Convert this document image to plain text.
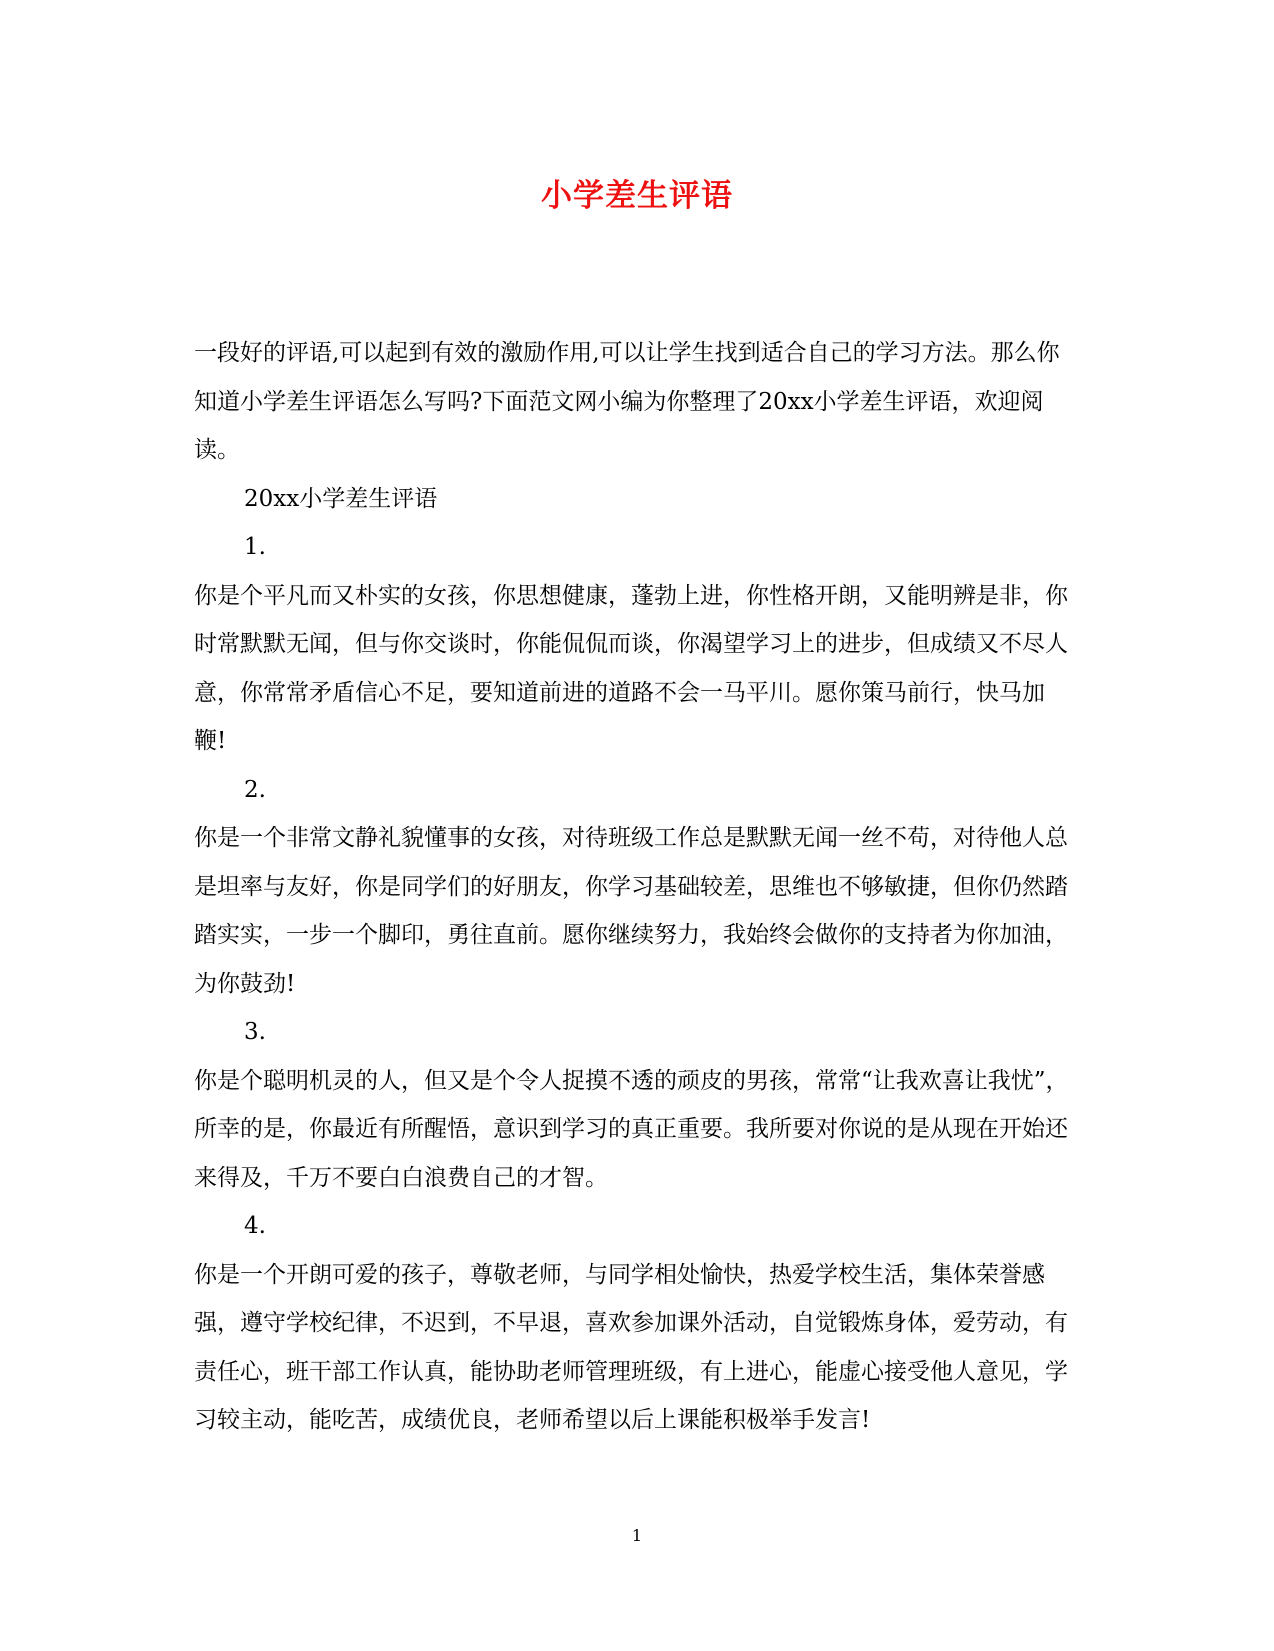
小学差生评语

一段好的评语,可以起到有效的激励作用,可以让学生找到适合自己的学习方法。那么你知道小学差生评语怎么写吗?下面范文网小编为你整理了20xx小学差生评语，欢迎阅读。

20xx小学差生评语

1.

你是个平凡而又朴实的女孩，你思想健康，蓬勃上进，你性格开朗，又能明辨是非，你时常默默无闻，但与你交谈时，你能侃侃而谈，你渴望学习上的进步，但成绩又不尽人意，你常常矛盾信心不足，要知道前进的道路不会一马平川。愿你策马前行，快马加鞭!

2.

你是一个非常文静礼貌懂事的女孩，对待班级工作总是默默无闻一丝不苟，对待他人总是坦率与友好，你是同学们的好朋友，你学习基础较差，思维也不够敏捷，但你仍然踏踏实实，一步一个脚印，勇往直前。愿你继续努力，我始终会做你的支持者为你加油，为你鼓劲!

3.

你是个聪明机灵的人，但又是个令人捉摸不透的顽皮的男孩，常常“让我欢喜让我忧”，所幸的是，你最近有所醒悟，意识到学习的真正重要。我所要对你说的是从现在开始还来得及，千万不要白白浪费自己的才智。

4.

你是一个开朗可爱的孩子，尊敬老师，与同学相处愉快，热爱学校生活，集体荣誉感强，遵守学校纪律，不迟到，不早退，喜欢参加课外活动，自觉锻炼身体，爱劳动，有责任心，班干部工作认真，能协助老师管理班级，有上进心，能虚心接受他人意见，学习较主动，能吃苦，成绩优良，老师希望以后上课能积极举手发言!

1
